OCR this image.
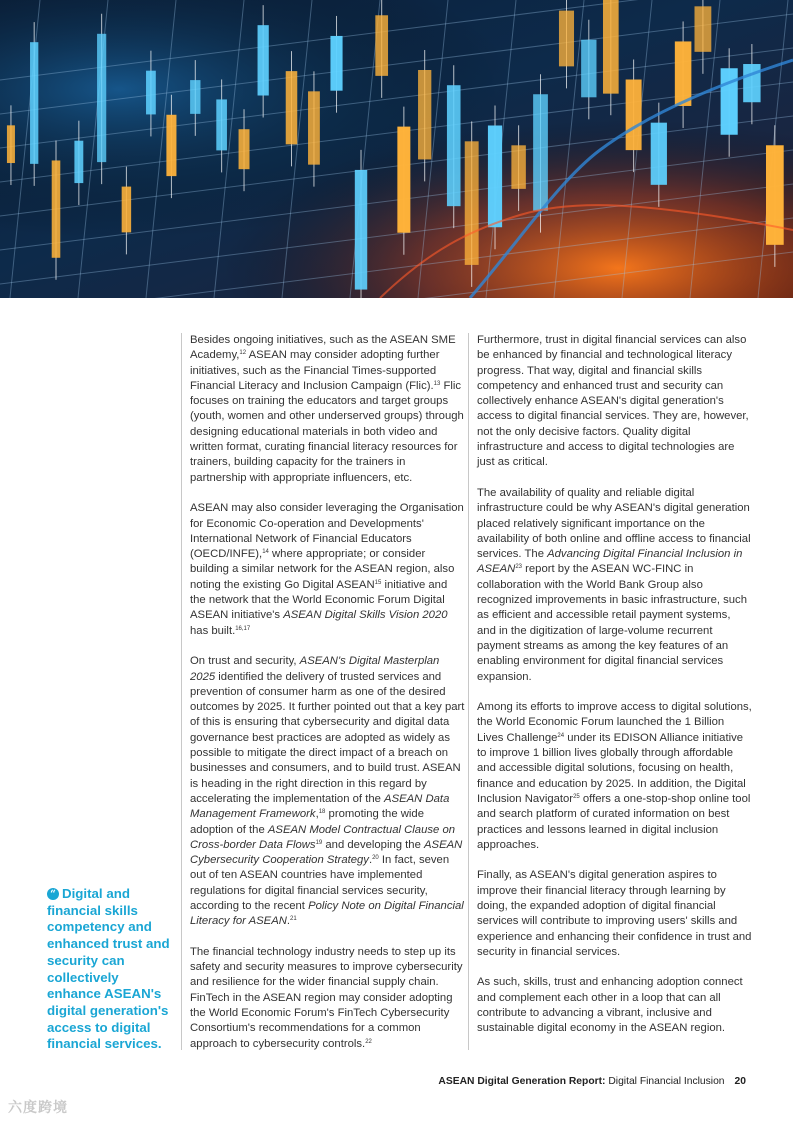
Besides ongoing initiatives, such as the ASEAN SME Academy,$^{12}$ ASEAN may consider adopting further initiatives, such as the Financial Times-supported Financial Literacy and Inclusion Campaign (Flic).$^{13}$ Flic focuses on training the educators and target groups (youth, women and other underserved groups) through designing educational materials in both video and written format, curating financial literacy resources for trainers, building capacity for the trainers in partnership with appropriate influencers, etc.

ASEAN may also consider leveraging the Organisation for Economic Co-operation and Developments' International Network of Financial Educators (OECD/INFE),$^{14}$ where appropriate; or consider building a similar network for the ASEAN region, also noting the existing Go Digital ASEAN$^{15}$ initiative and the network that the World Economic Forum Digital ASEAN initiative's ASEAN Digital Skills Vision 2020 has built.$^{16,17}$

On trust and security, ASEAN's Digital Masterplan 2025 identified the delivery of trusted services and prevention of consumer harm as one of the desired outcomes by 2025. It further pointed out that a key part of this is ensuring that cybersecurity and digital data governance best practices are adopted as widely as possible to mitigate the direct impact of a breach on businesses and consumers, and to build trust. ASEAN is heading in the right direction in this regard by accelerating the implementation of the ASEAN Data Management Framework,$^{18}$ promoting the wide adoption of the ASEAN Model Contractual Clause on Cross-border Data Flows$^{19}$ and developing the ASEAN Cybersecurity Cooperation Strategy.$^{20}$ In fact, seven out of ten ASEAN countries have implemented regulations for digital financial services security, according to the recent Policy Note on Digital Financial Literacy for ASEAN.$^{21}$

The financial technology industry needs to step up its safety and security measures to improve cybersecurity and resilience for the wider financial supply chain. FinTech in the ASEAN region may consider adopting the World Economic Forum's FinTech Cybersecurity Consortium's recommendations for a common approach to cybersecurity controls.$^{22}$

Furthermore, trust in digital financial services can also be enhanced by financial and technological literacy progress. That way, digital and financial skills competency and enhanced trust and security can collectively enhance ASEAN's digital generation's access to digital financial services. They are, however, not the only decisive factors. Quality digital infrastructure and access to digital technologies are just as critical.

The availability of quality and reliable digital infrastructure could be why ASEAN's digital generation placed relatively significant importance on the availability of both online and offline access to financial services. The Advancing Digital Financial Inclusion in ASEAN$^{23}$ report by the ASEAN WC-FINC in collaboration with the World Bank Group also recognized improvements in basic infrastructure, such as efficient and accessible retail payment systems, and in the digitization of large-volume recurrent payment streams as among the key features of an enabling environment for digital financial services expansion.

Among its efforts to improve access to digital solutions, the World Economic Forum launched the 1 Billion Lives Challenge$^{24}$ under its EDISON Alliance initiative to improve 1 billion lives globally through affordable and accessible digital solutions, focusing on health, finance and education by 2025. In addition, the Digital Inclusion Navigator$^{25}$ offers a one-stop-shop online tool and search platform of curated information on best practices and lessons learned in digital inclusion approaches.

Finally, as ASEAN's digital generation aspires to improve their financial literacy through learning by doing, the expanded adoption of digital financial services will contribute to improving users' skills and experience and enhancing their confidence in trust and security in financial services.

As such, skills, trust and enhancing adoption connect and complement each other in a loop that can all contribute to advancing a vibrant, inclusive and sustainable digital economy in the ASEAN region.

“ Digital and financial skills competency and enhanced trust and security can collectively enhance ASEAN's digital generation's access to digital financial services.
ASEAN Digital Generation Report: Digital Financial Inclusion 20
六度跨境
